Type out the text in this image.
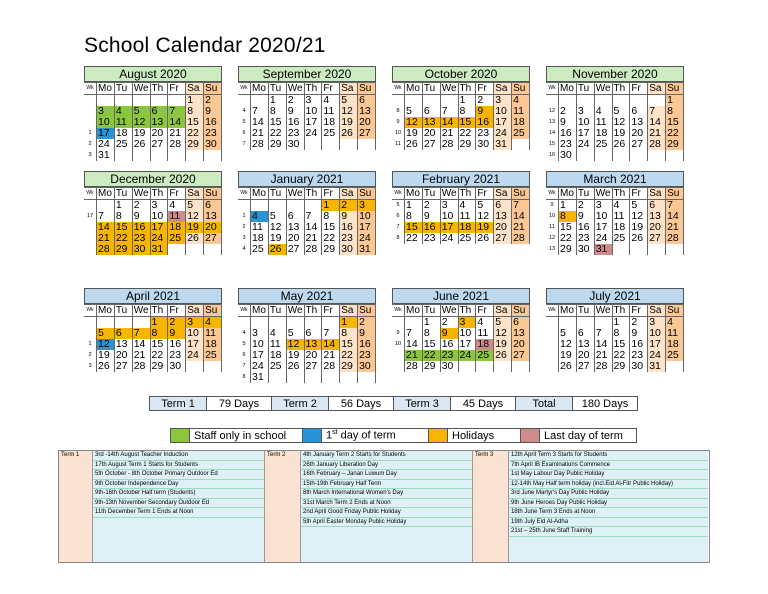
School Calendar 2020/21
August 2020
Wk	Mo	Tu	We	Th	Fr	Sa	Su
						1	2
	3	4	5	6	7	8	9
	10	11	12	13	14	15	16
1	17	18	19	20	21	22	23
2	24	25	26	27	28	29	30
3	31						
September 2020
Wk	Mo	Tu	We	Th	Fr	Sa	Su
		1	2	3	4	5	6
4	7	8	9	10	11	12	13
5	14	15	16	17	18	19	20
6	21	22	23	24	25	26	27
7	28	29	30				
October 2020
Wk	Mo	Tu	We	Th	Fr	Sa	Su
				1	2	3	4
8	5	6	7	8	9	10	11
9	12	13	14	15	16	17	18
10	19	20	21	22	23	24	25
11	26	27	28	29	30	31	
November 2020
Wk	Mo	Tu	We	Th	Fr	Sa	Su
							1
12	2	3	4	5	6	7	8
13	9	10	11	12	13	14	15
14	16	17	18	19	20	21	22
15	23	24	25	26	27	28	29
16	30						
December 2020
Wk	Mo	Tu	We	Th	Fr	Sa	Su
		1	2	3	4	5	6
17	7	8	9	10	11	12	13
	14	15	16	17	18	19	20
	21	22	23	24	25	26	27
	28	29	30	31			
January 2021
Wk	Mo	Tu	We	Th	Fr	Sa	Su
					1	2	3
1	4	5	6	7	8	9	10
2	11	12	13	14	15	16	17
3	18	19	20	21	22	23	24
4	25	26	27	28	29	30	31
February 2021
Wk	Mo	Tu	We	Th	Fr	Sa	Su
5	1	2	3	4	5	6	7
6	8	9	10	11	12	13	14
7	15	16	17	18	19	20	21
8	22	23	24	25	26	27	28
March 2021
Wk	Mo	Tu	We	Th	Fr	Sa	Su
9	1	2	3	4	5	6	7
10	8	9	10	11	12	13	14
11	15	16	17	18	19	20	21
12	22	23	24	25	26	27	28
13	29	30	31				
April 2021
Wk	Mo	Tu	We	Th	Fr	Sa	Su
				1	2	3	4
	5	6	7	8	9	10	11
1	12	13	14	15	16	17	18
2	19	20	21	22	23	24	25
3	26	27	28	29	30		
May 2021
Wk	Mo	Tu	We	Th	Fr	Sa	Su
						1	2
4	3	4	5	6	7	8	9
5	10	11	12	13	14	15	16
6	17	18	19	20	21	22	23
7	24	25	26	27	28	29	30
8	31						
June 2021
Wk	Mo	Tu	We	Th	Fr	Sa	Su
		1	2	3	4	5	6
9	7	8	9	10	11	12	13
10	14	15	16	17	18	19	20
	21	22	23	24	25	26	27
	28	29	30				
July 2021
Wk	Mo	Tu	We	Th	Fr	Sa	Su
				1	2	3	4
	5	6	7	8	9	10	11
	12	13	14	15	16	17	18
	19	20	21	22	23	24	25
	26	27	28	29	30	31	
Term 1	79 Days	Term 2	56 Days	Term 3	45 Days	Total	180 Days
	Staff only in school		1st day of term		Holidays		Last day of term
Term 1	3rd -14th August Teacher Induction
17th August Term 1 Starts for Students
5th October - 8th October Primary Outdoor Ed
9th October Independence Day
9th-16th October Half term (Students)
9th-13th November Secondary Outdoor Ed
11th December Term 1 Ends at Noon
Term 2	4th January Term 2 Starts for Students
26th January Liberation Day
16th February – Janan Luwum Day
15th-19th February Half Term
8th March International Women's Day
31st March Term 2 Ends at Noon
2nd April Good Friday Public Holiday
5th April Easter Monday Public Holiday
Term 3	12th April Term 3 Starts for Students
7th April IB Examinations Commence
1st May Labour Day Public Holiday
12-14th May Half term holiday (incl.Eid Al-Fitr Public Holiday)
3rd June Martyr's Day Public Holiday
9th June Heroes Day Public Holiday
18th June Term 3 Ends at Noon
19th July Eid Al-Adha
21st – 25th June Staff Training
